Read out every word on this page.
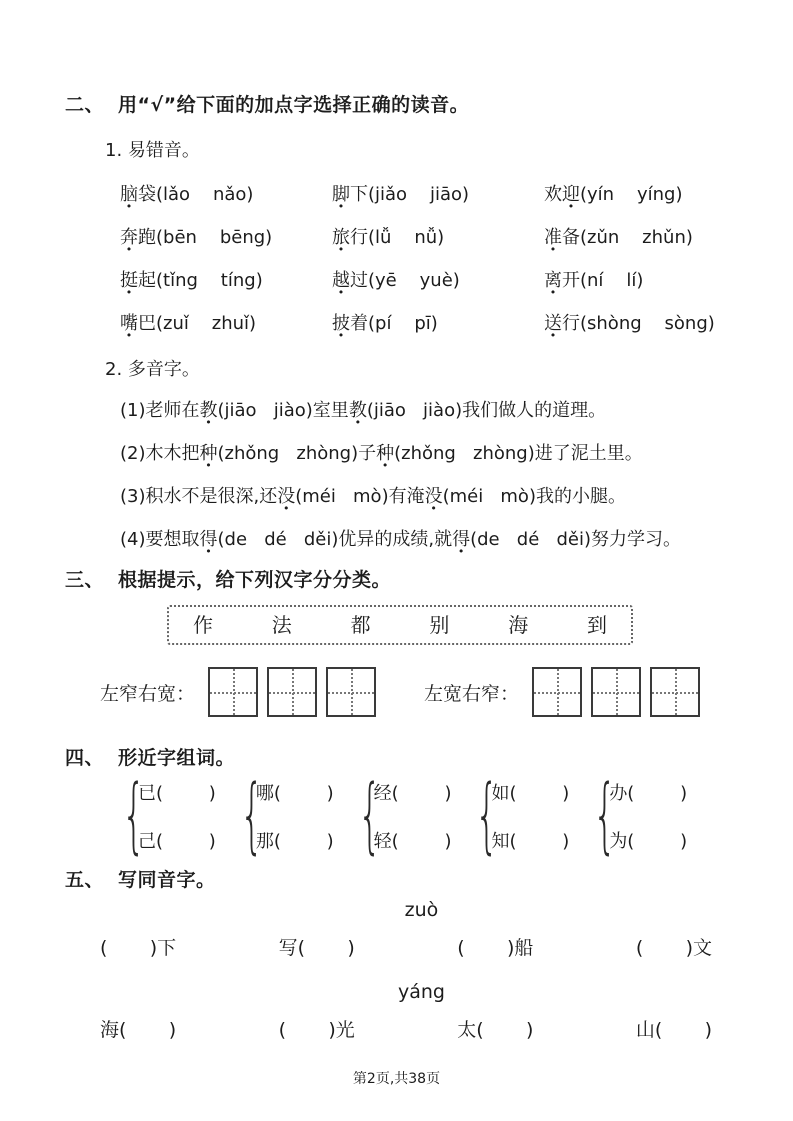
二、 用“√”给下面的加点字选择正确的读音。
1. 易错音。
脑袋(lǎo    nǎo)	脚下(jiǎo    jiāo)	欢迎(yín    yíng)
奔跑(bēn    bēng)	旅行(lǚ    nǚ)	准备(zǔn    zhǔn)
挺起(tǐng    tíng)	越过(yē    yuè)	离开(ní    lí)
嘴巴(zuǐ    zhuǐ)	披着(pí    pī)	送行(shòng    sòng)
2. 多音字。
(1)老师在教(jiāo   jiào)室里教(jiāo   jiào)我们做人的道理。
(2)木木把种(zhǒng   zhòng)子种(zhǒng   zhòng)进了泥土里。
(3)积水不是很深,还没(méi   mò)有淹没(méi   mò)我的小腿。
(4)要想取得(de   dé   děi)优异的成绩,就得(de   dé   děi)努力学习。
三、 根据提示，给下列汉字分分类。
作	法	都	别	海	到
左窄右宽：	左宽右窄：
四、 形近字组词。
{
已(        )
己(        ) {
哪(        )
那(        ) {
经(        )
轻(        ) {
如(        )
知(        ) {
办(        )
为(        )
五、 写同音字。
zuò
(       )下	写(       )	(       )船	(       )文
yáng
海(       )	(       )光	太(       )	山(       )
第2页,共38页
